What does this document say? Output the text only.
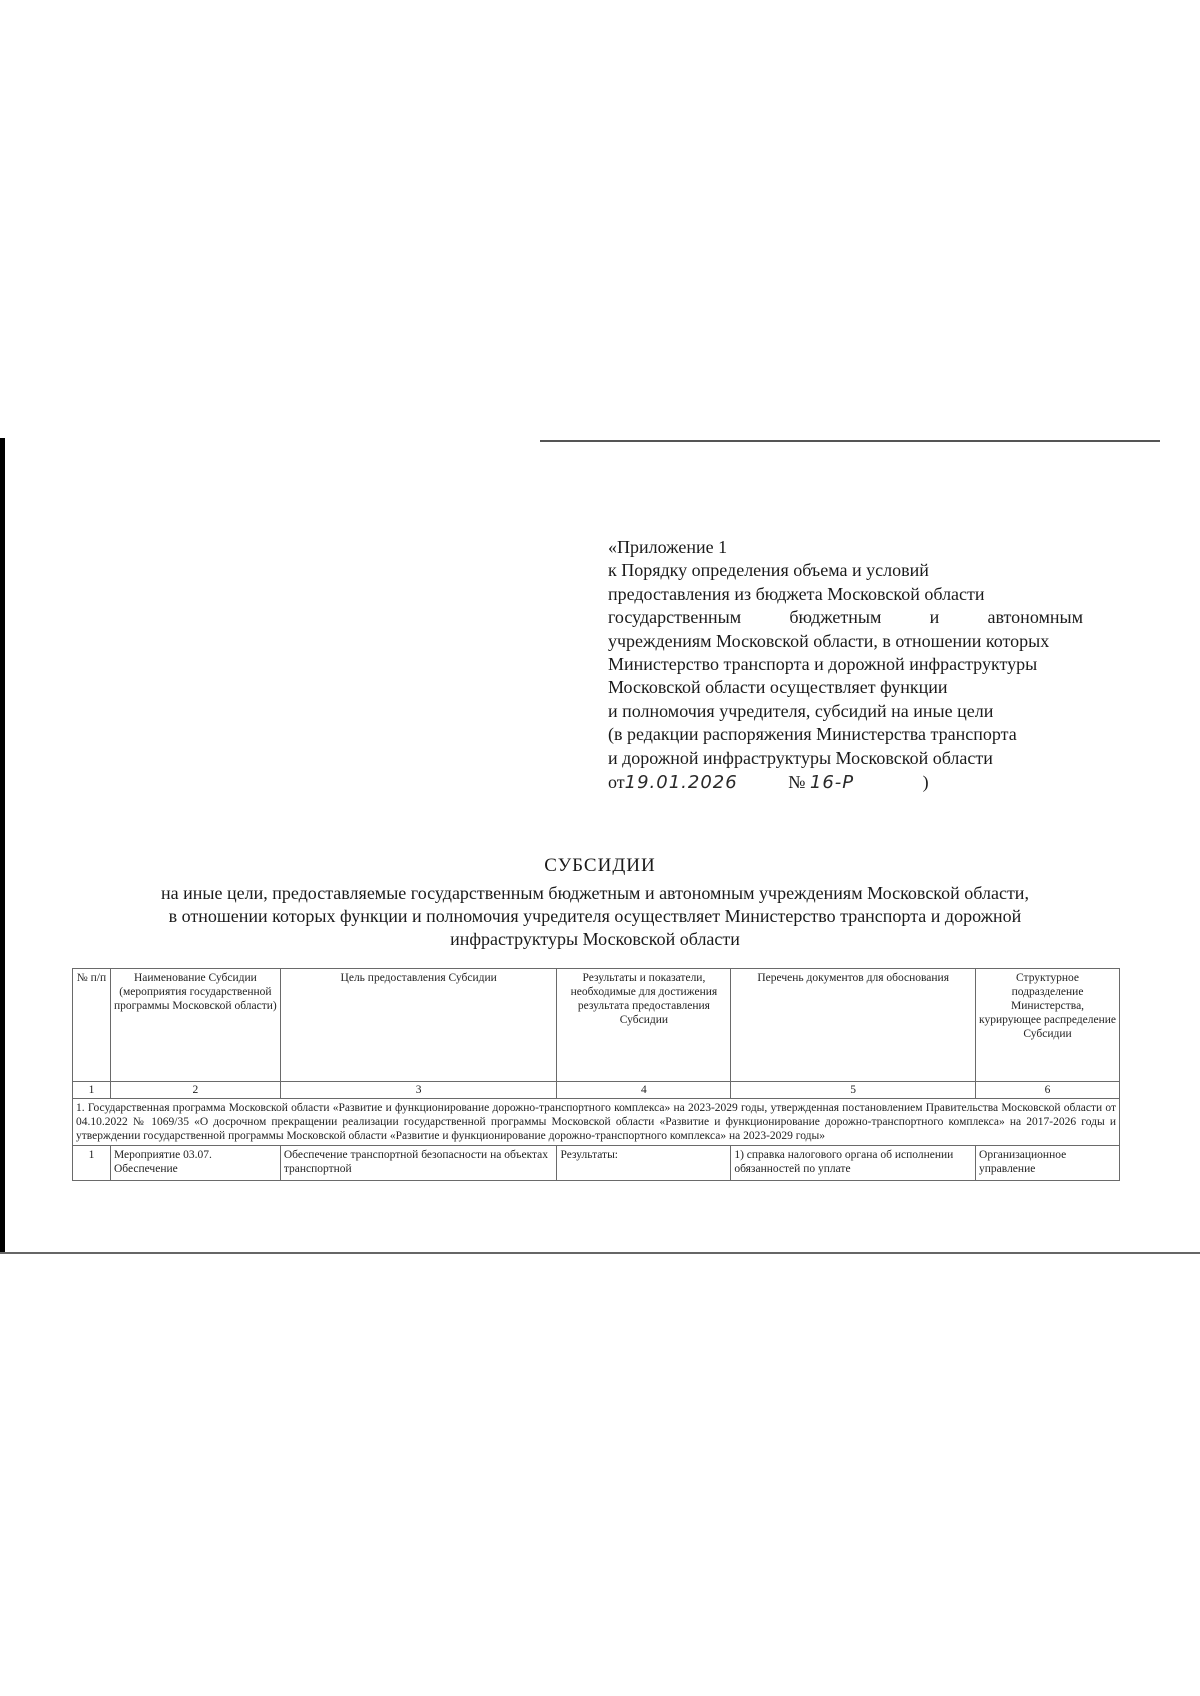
«Приложение 1
к Порядку определения объема и условий
предоставления из бюджета Московской области
государственным	бюджетным	и	автономным
учреждениям Московской области, в отношении которых
Министерство транспорта и дорожной инфраструктуры
Московской области осуществляет функции
и полномочия учредителя, субсидий на иные цели
(в редакции распоряжения Министерства транспорта
и дорожной инфраструктуры Московской области
от19.01.2026	№ 16-Р	)
СУБСИДИИ
на иные цели, предоставляемые государственным бюджетным и автономным учреждениям Московской области,
в отношении которых функции и полномочия учредителя осуществляет Министерство транспорта и дорожной
инфраструктуры Московской области
№ п/п	Наименование Субсидии (мероприятия государственной программы Московской области)	Цель предоставления Субсидии	Результаты и показатели, необходимые для достижения результата предоставления Субсидии	Перечень документов для обоснования	Структурное подразделение Министерства, курирующее распределение Субсидии
1	2	3	4	5	6
1. Государственная программа Московской области «Развитие и функционирование дорожно-транспортного комплекса» на 2023-2029 годы, утвержденная постановлением Правительства Московской области от 04.10.2022 № 1069/35 «О досрочном прекращении реализации государственной программы Московской области «Развитие и функционирование дорожно-транспортного комплекса» на 2017-2026 годы и утверждении государственной программы Московской области «Развитие и функционирование дорожно-транспортного комплекса» на 2023-2029 годы»					
1	Мероприятие 03.07. Обеспечение	Обеспечение транспортной безопасности на объектах транспортной	Результаты:	1) справка налогового органа об исполнении обязанностей по уплате	Организационное управление
